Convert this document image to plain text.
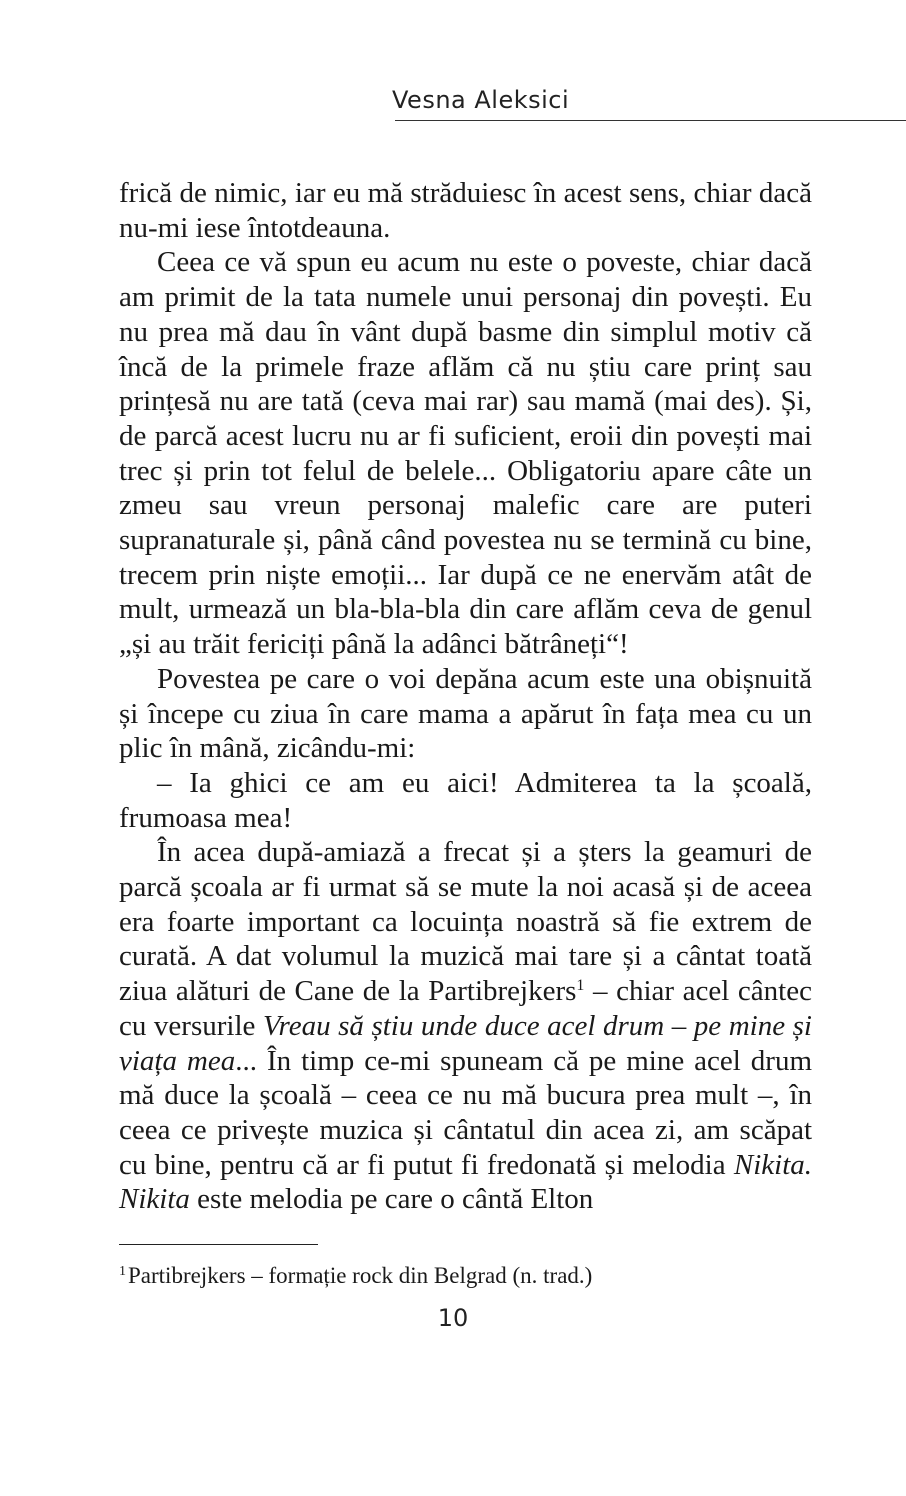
Vesna Aleksici

frică de nimic, iar eu mă străduiesc în acest sens, chiar dacă nu-mi iese întotdeauna.

Ceea ce vă spun eu acum nu este o poveste, chiar dacă am primit de la tata numele unui personaj din povești. Eu nu prea mă dau în vânt după basme din simplul motiv că încă de la primele fraze aflăm că nu știu care prinț sau prințesă nu are tată (ceva mai rar) sau mamă (mai des). Și, de parcă acest lucru nu ar fi suficient, eroii din povești mai trec și prin tot felul de belele... Obligatoriu apare câte un zmeu sau vreun personaj malefic care are puteri supranaturale și, până când povestea nu se termină cu bine, trecem prin niște emoții... Iar după ce ne enervăm atât de mult, urmează un bla-bla-bla din care aflăm ceva de genul „și au trăit fericiți până la adânci bătrâneți“!

Povestea pe care o voi depăna acum este una obișnuită și începe cu ziua în care mama a apărut în fața mea cu un plic în mână, zicându-mi:

– Ia ghici ce am eu aici! Admiterea ta la școală, frumoasa mea!

În acea după-amiază a frecat și a șters la geamuri de parcă școala ar fi urmat să se mute la noi acasă și de aceea era foarte important ca locuința noastră să fie extrem de curată. A dat volumul la muzică mai tare și a cântat toată ziua alături de Cane de la Partibrejkers$^1$ – chiar acel cântec cu versurile Vreau să știu unde duce acel drum – pe mine și viața mea... În timp ce-mi spuneam că pe mine acel drum mă duce la școală – ceea ce nu mă bucura prea mult –, în ceea ce privește muzica și cântatul din acea zi, am scăpat cu bine, pentru că ar fi putut fi fredonată și melodia Nikita. Nikita este melodia pe care o cântă Elton

$^1$Partibrejkers – formație rock din Belgrad (n. trad.)
10
